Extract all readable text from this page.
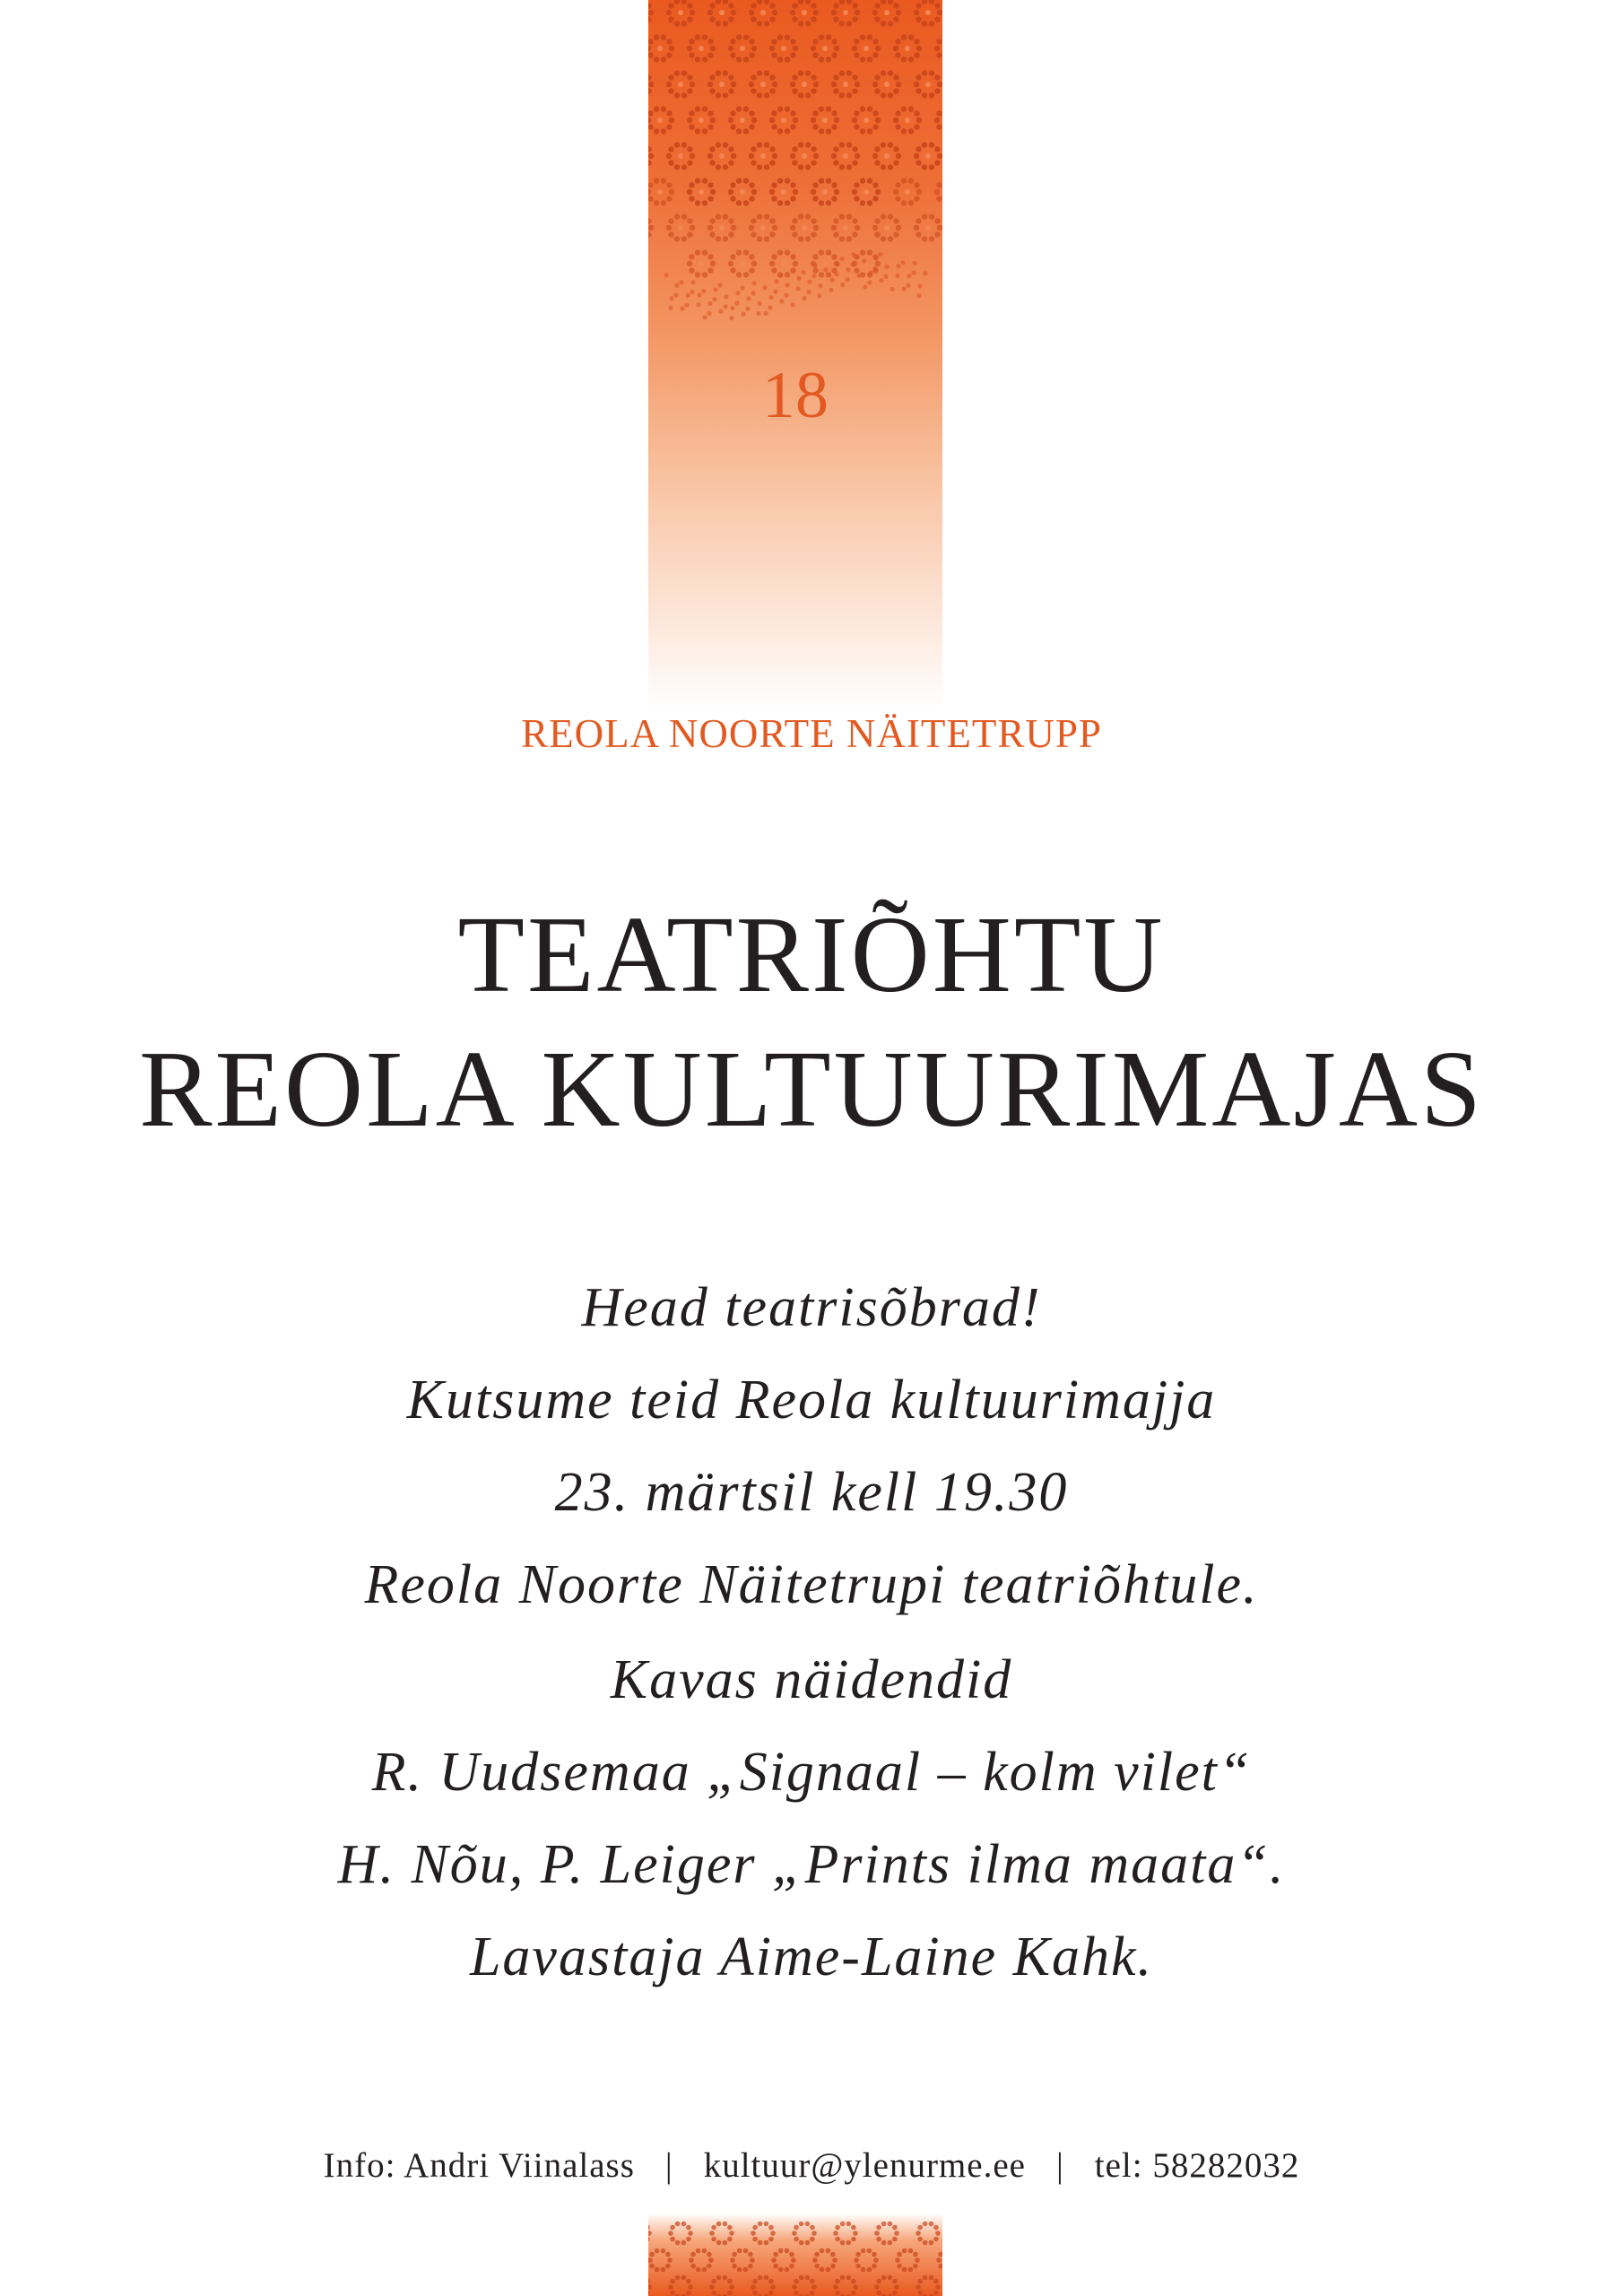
18
REOLA NOORTE NÄITETRUPP
TEATRIÕHTU
REOLA KULTUURIMAJAS
Head teatrisõbrad!
Kutsume teid Reola kultuurimajja
23. märtsil kell 19.30
Reola Noorte Näitetrupi teatriõhtule.
Kavas näidendid
R. Uudsemaa „Signaal – kolm vilet“
H. Nõu, P. Leiger „Prints ilma maata“.
Lavastaja Aime-Laine Kahk.
Info: Andri Viinalass | kultuur@ylenurme.ee | tel: 58282032
